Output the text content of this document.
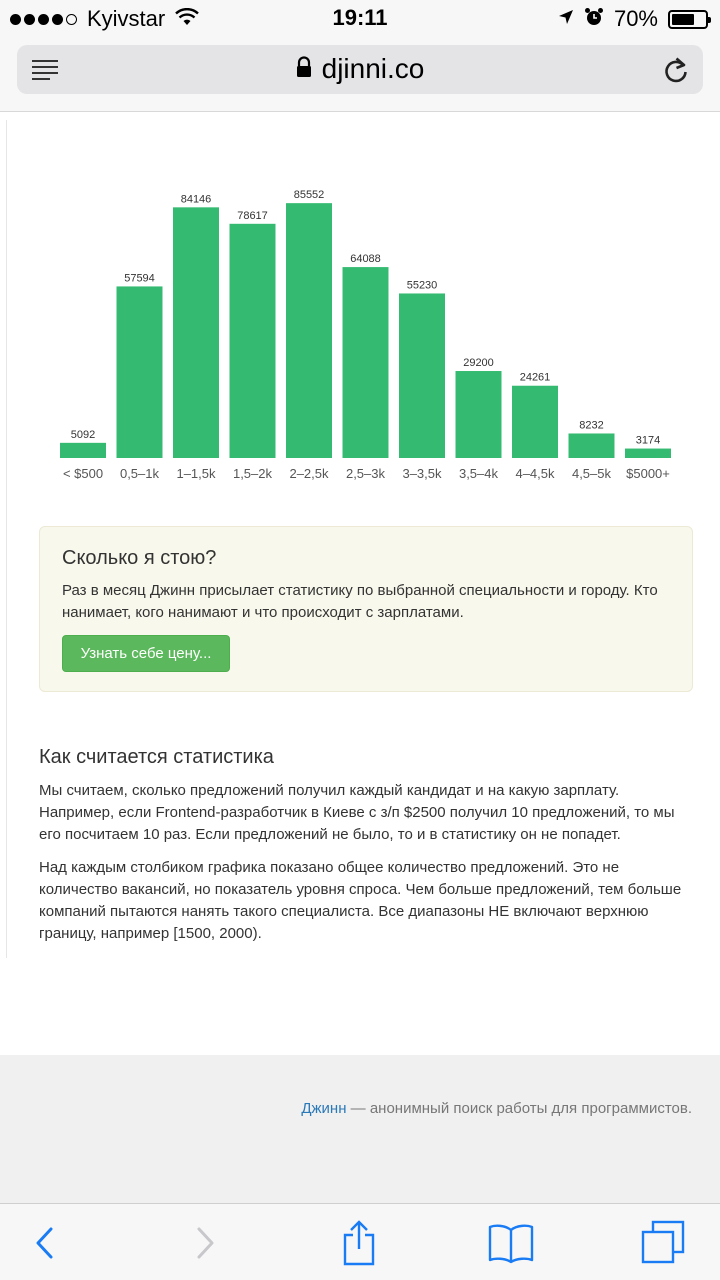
Kyivstar	19:11	70%
djinni.co
5092
< $500
57594
0,5–1k
84146
1–1,5k
78617
1,5–2k
85552
2–2,5k
64088
2,5–3k
55230
3–3,5k
29200
3,5–4k
24261
4–4,5k
8232
4,5–5k
3174
$5000+
Сколько я стою?
Раз в месяц Джинн присылает статистику по выбранной специальности и городу. Кто нанимает, кого нанимают и что происходит с зарплатами.
Узнать себе цену...
Как считается статистика
Мы считаем, сколько предложений получил каждый кандидат и на какую зарплату. Например, если Frontend-разработчик в Киеве с з/п $2500 получил 10 предложений, то мы его посчитаем 10 раз. Если предложений не было, то и в статистику он не попадет.
Над каждым столбиком графика показано общее количество предложений. Это не количество вакансий, но показатель уровня спроса. Чем больше предложений, тем больше компаний пытаются нанять такого специалиста. Все диапазоны НЕ включают верхнюю границу, например [1500, 2000).
Джинн — анонимный поиск работы для программистов.
